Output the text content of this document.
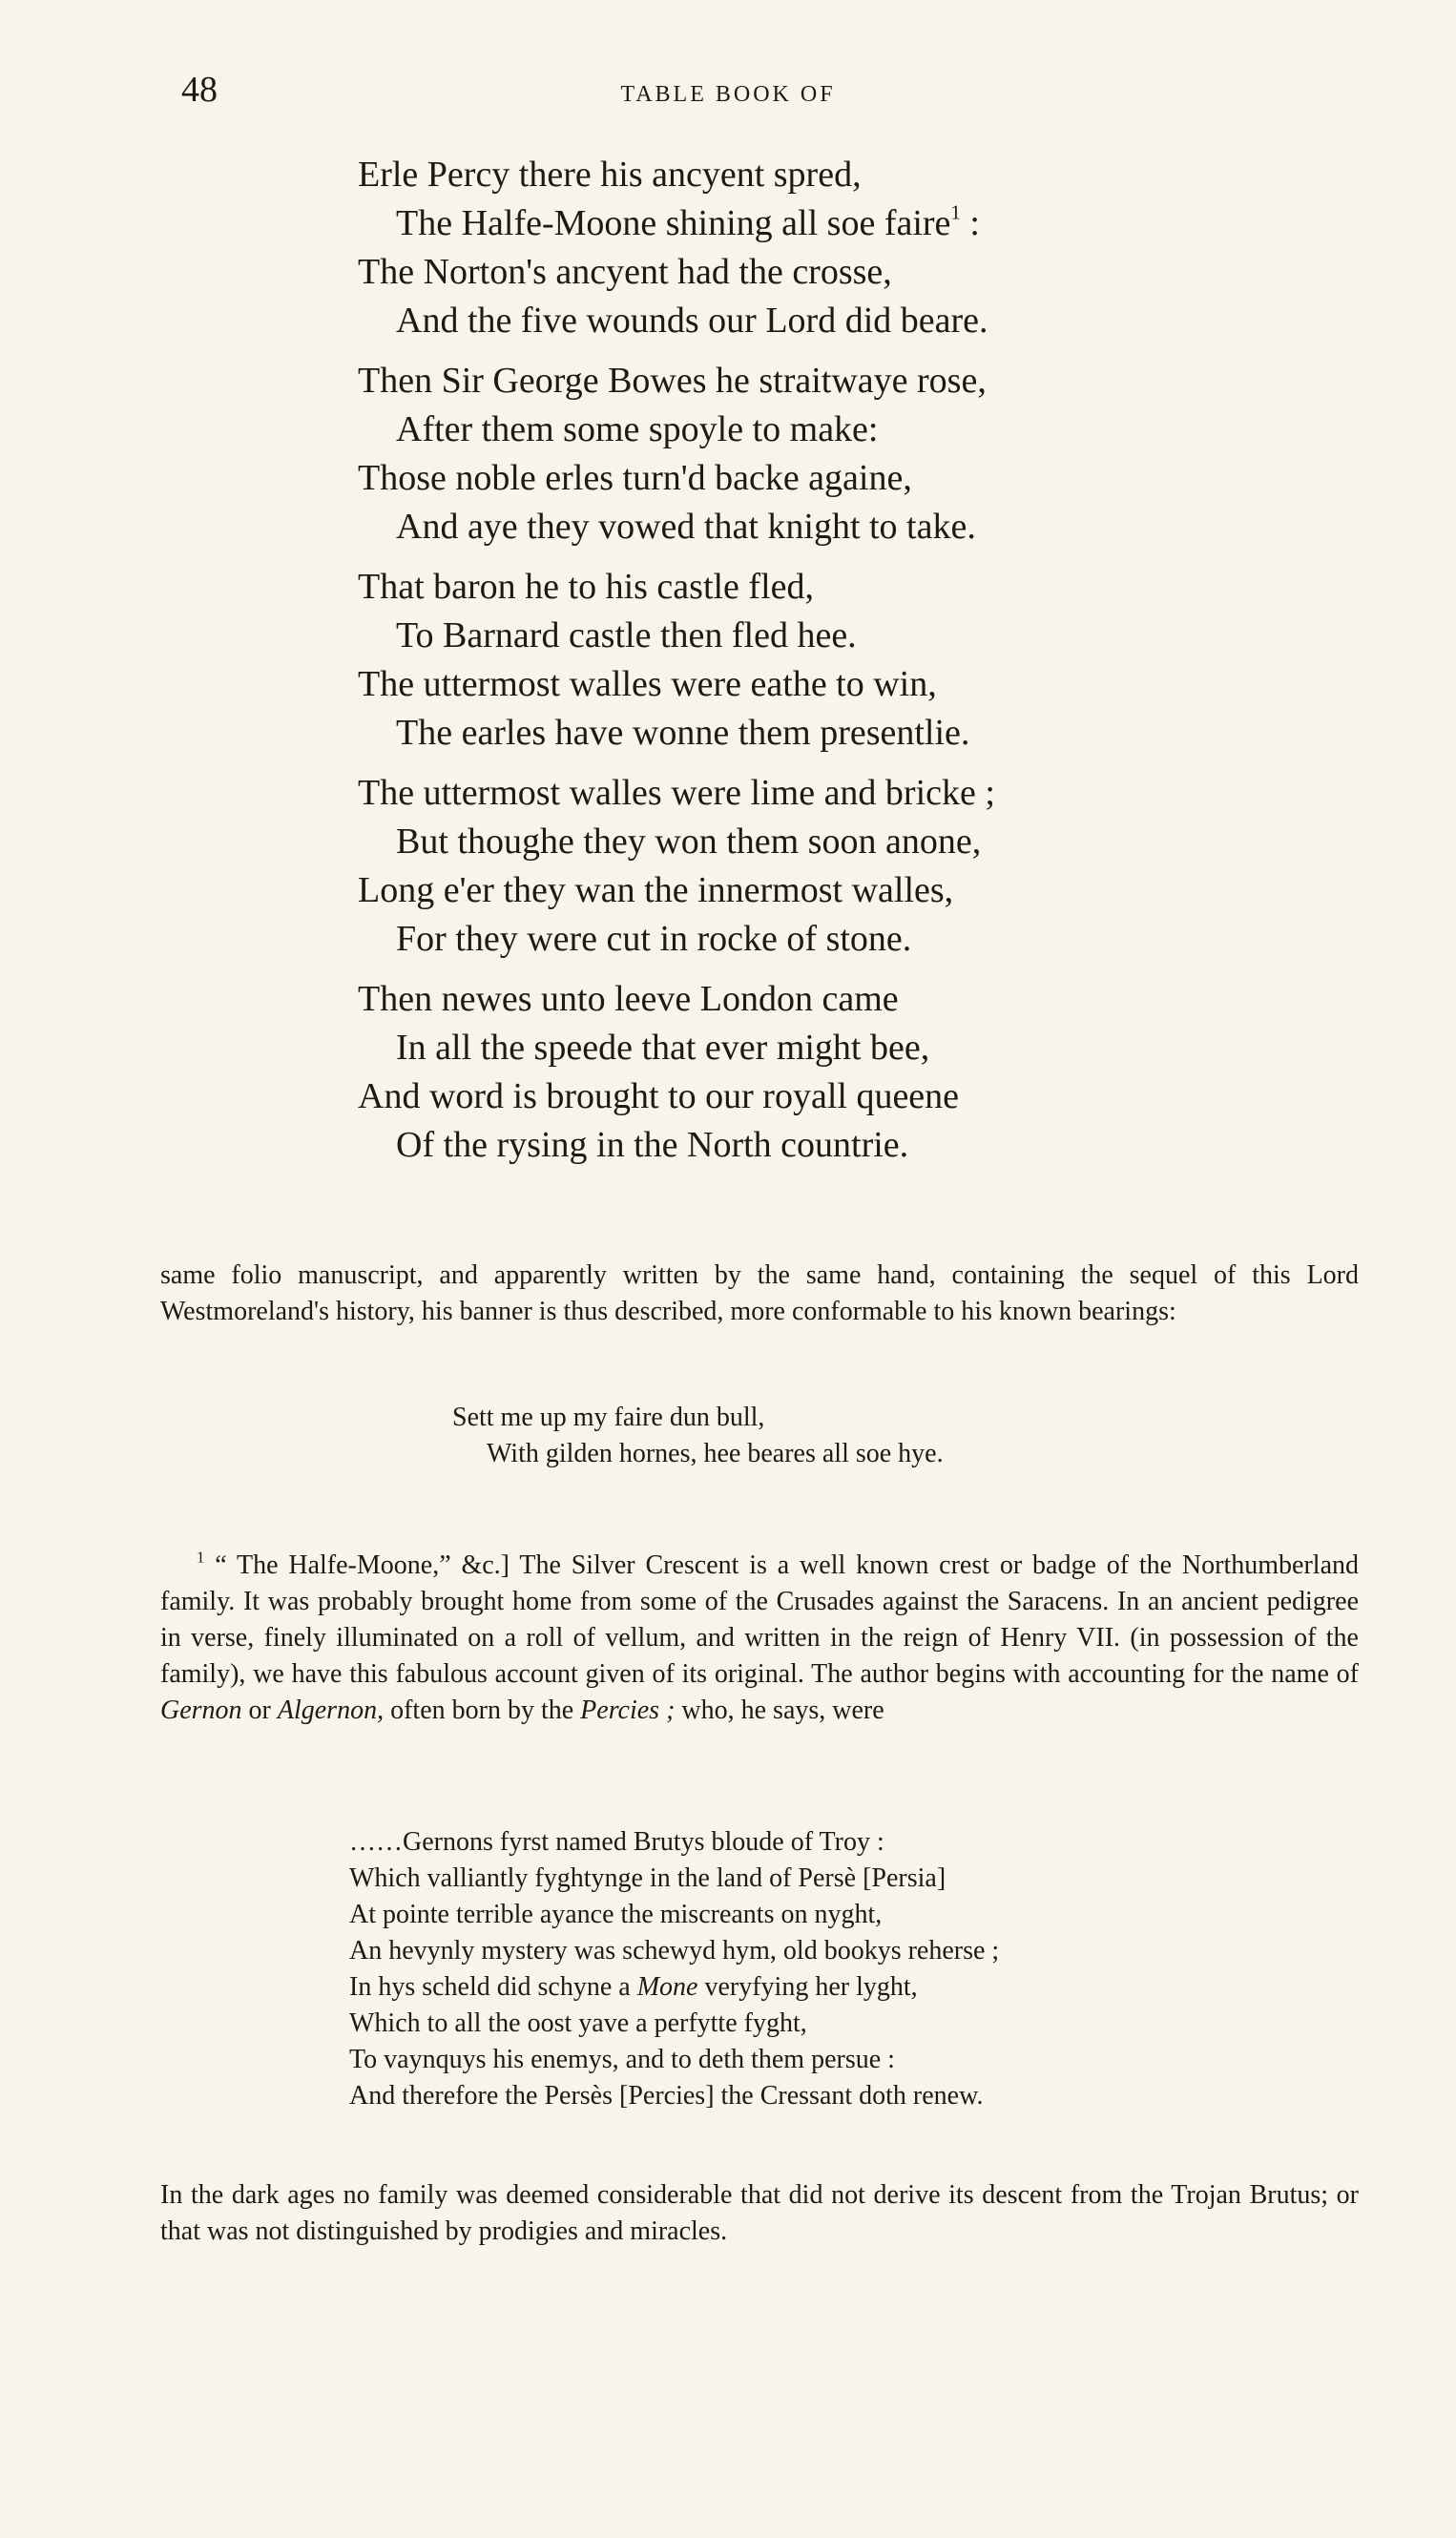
48	TABLE BOOK OF
Erle Percy there his ancyent spred,
The Halfe-Moone shining all soe faire$^1$ :
The Norton's ancyent had the crosse,
And the five wounds our Lord did beare.
Then Sir George Bowes he straitwaye rose,
After them some spoyle to make:
Those noble erles turn'd backe againe,
And aye they vowed that knight to take.
That baron he to his castle fled,
To Barnard castle then fled hee.
The uttermost walles were eathe to win,
The earles have wonne them presentlie.
The uttermost walles were lime and bricke ;
But thoughe they won them soon anone,
Long e'er they wan the innermost walles,
For they were cut in rocke of stone.
Then newes unto leeve London came
In all the speede that ever might bee,
And word is brought to our royall queene
Of the rysing in the North countrie.

same folio manuscript, and apparently written by the same hand, containing the sequel of this Lord Westmoreland's history, his banner is thus described, more conformable to his known bearings:

Sett me up my faire dun bull,
With gilden hornes, hee beares all soe hye.

$^1$ “ The Halfe-Moone,” &c.] The Silver Crescent is a well known crest or badge of the Northumberland family. It was probably brought home from some of the Crusades against the Saracens. In an ancient pedigree in verse, finely illuminated on a roll of vellum, and written in the reign of Henry VII. (in possession of the family), we have this fabulous account given of its original. The author begins with accounting for the name of Gernon or Algernon, often born by the Percies ; who, he says, were

……Gernons fyrst named Brutys bloude of Troy :
Which valliantly fyghtynge in the land of Persè [Persia]
At pointe terrible ayance the miscreants on nyght,
An hevynly mystery was schewyd hym, old bookys reherse ;
In hys scheld did schyne a Mone veryfying her lyght,
Which to all the oost yave a perfytte fyght,
To vaynquys his enemys, and to deth them persue :
And therefore the Persès [Percies] the Cressant doth renew.

In the dark ages no family was deemed considerable that did not derive its descent from the Trojan Brutus; or that was not distinguished by prodigies and miracles.
